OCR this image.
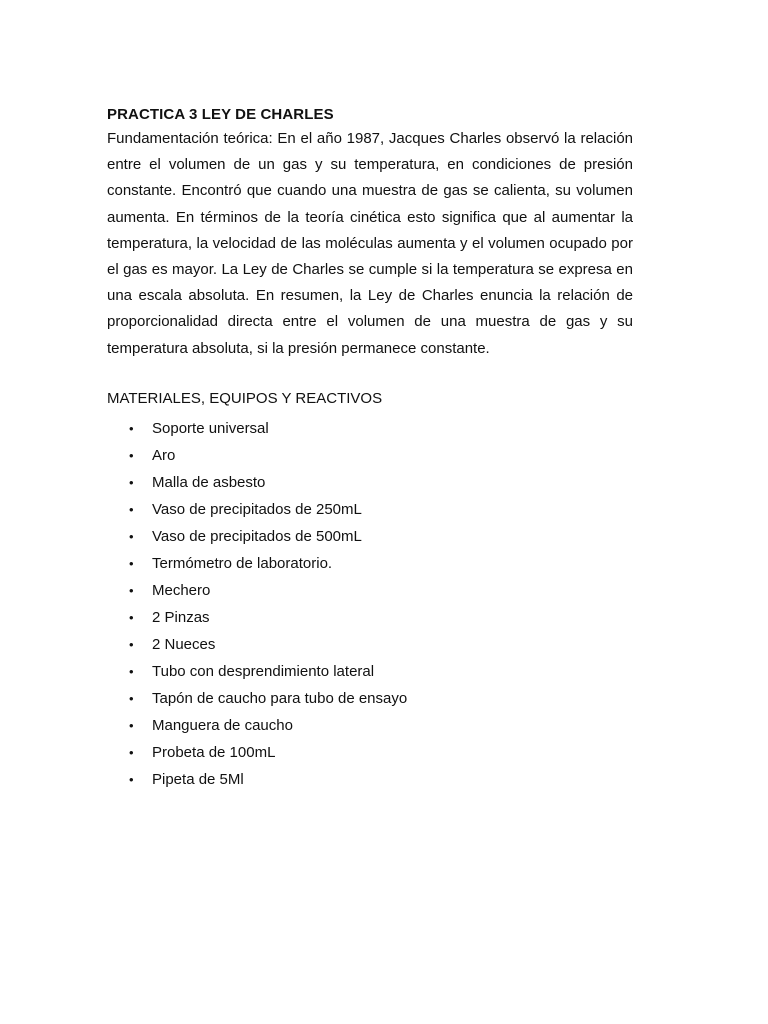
PRACTICA 3 LEY DE CHARLES

Fundamentación teórica: En el año 1987, Jacques Charles observó la relación entre el volumen de un gas y su temperatura, en condiciones de presión constante. Encontró que cuando una muestra de gas se calienta, su volumen aumenta. En términos de la teoría cinética esto significa que al aumentar la temperatura, la velocidad de las moléculas aumenta y el volumen ocupado por el gas es mayor. La Ley de Charles se cumple si la temperatura se expresa en una escala absoluta. En resumen, la Ley de Charles enuncia la relación de proporcionalidad directa entre el volumen de una muestra de gas y su temperatura absoluta, si la presión permanece constante.

MATERIALES, EQUIPOS Y REACTIVOS

• Soporte universal
• Aro
• Malla de asbesto
• Vaso de precipitados de 250mL
• Vaso de precipitados de 500mL
• Termómetro de laboratorio.
• Mechero
• 2 Pinzas
• 2 Nueces
• Tubo con desprendimiento lateral
• Tapón de caucho para tubo de ensayo
• Manguera de caucho
• Probeta de 100mL
• Pipeta de 5Ml
